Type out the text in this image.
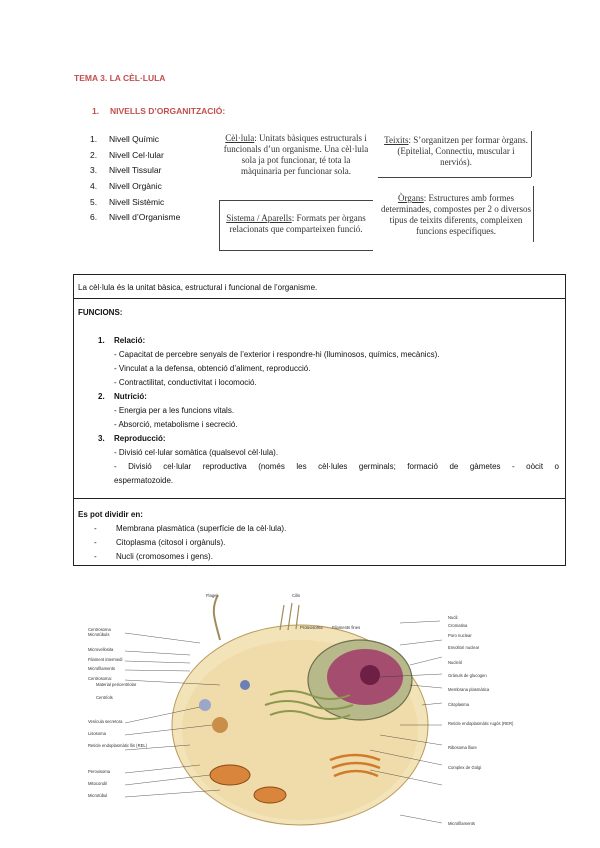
TEMA 3. LA CÈL·LULA
1. NIVELLS D’ORGANITZACIÓ:
1. Nivell Químic
2. Nivell Cel·lular
3. Nivell Tissular
4. Nivell Orgànic
5. Nivell Sistèmic
6. Nivell d’Organisme
Cèl·lula: Unitats bàsiques estructurals i funcionals d’un organisme. Una cèl·lula sola ja pot funcionar, té tota la màquinaria per funcionar sola.
Sistema / Aparells: Formats per òrgans relacionats que comparteixen funció.
Teixits: S’organitzen per formar òrgans. (Epitelial, Connectiu, muscular i nerviós).
Òrgans: Estructures amb formes determinades, compostes per 2 o diversos tipus de teixits diferents, compleixen funcions específiques.
La cèl·lula és la unitat bàsica, estructural i funcional de l’organisme.
FUNCIONS:
1. Relació:
- Capacitat de percebre senyals de l’exterior i respondre-hi (lluminosos, químics, mecànics).
- Vinculat a la defensa, obtenció d’aliment, reproducció.
- Contractilitat, conductivitat i locomoció.
2. Nutrició:
- Energia per a les funcions vitals.
- Absorció, metabolisme i secreció.
3. Reproducció:
- Divisió cel·lular somàtica (qualsevol cèl·lula).
- Divisió cel·lular reproductiva (només les cèl·lules germinals; formació de gàmetes - oòcit o
espermatozoide.
Es pot dividir en:
- Membrana plasmàtica (superfície de la cèl·lula).
- Citoplasma (citosol i orgànuls).
- Nucli (cromosomes i gens).
Centrosoma
Microtúbuls
Microvellosita
Filament intermedi
Microfilaments
Centrosoma:
Material pericentriolar
Centríols
Vesícula secretora
Lisosoma
Reticle endoplasmàtic llis (REL)
Peroxisoma
Mitocondri
Microtúbul
Flagel	Cilis
Proteosoma Filaments fines
Nucli:
Cromatina
Poro nuclear
Envoltori nuclear
Nucleòl
Gránuls de glucogen
Membrana plasmàtica
Citoplasma
Reticle endoplasmàtic rugós (RER)
Ribosoma lliure
Complex de Golgi
Microfilaments
